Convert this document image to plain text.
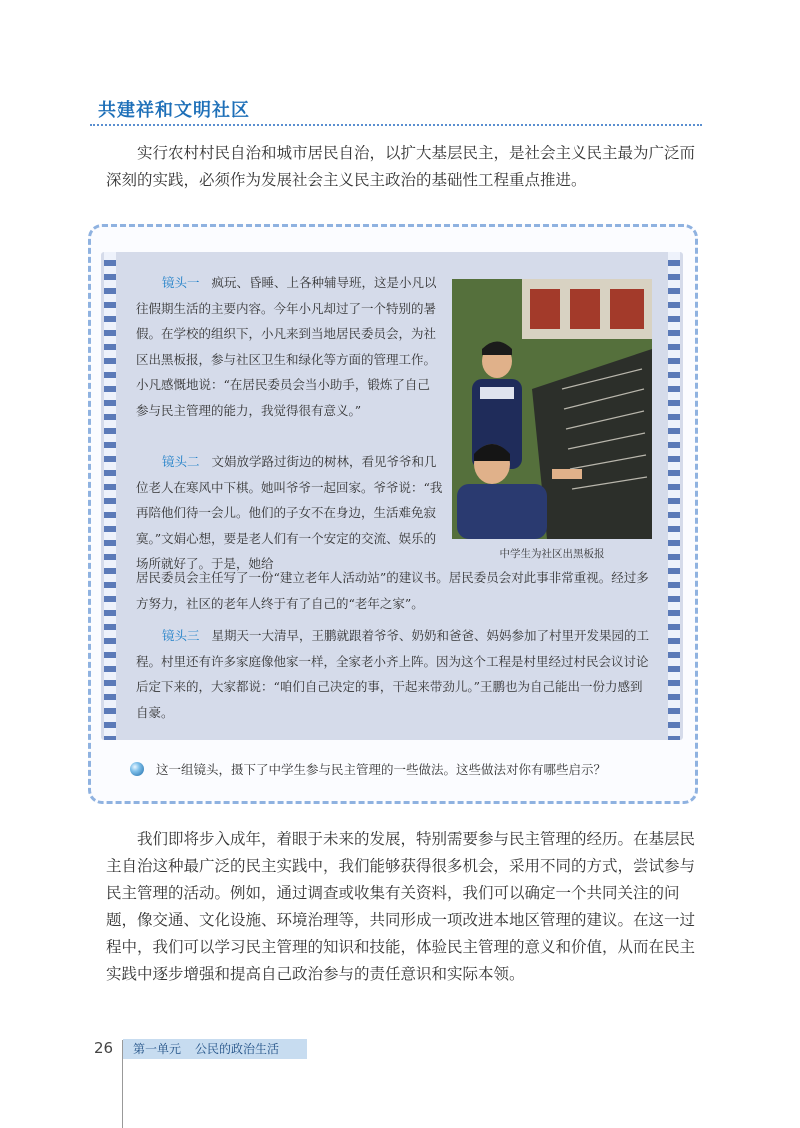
共建祥和文明社区

实行农村村民自治和城市居民自治，以扩大基层民主，是社会主义民主最为广泛而深刻的实践，必须作为发展社会主义民主政治的基础性工程重点推进。

镜头一 疯玩、昏睡、上各种辅导班，这是小凡以往假期生活的主要内容。今年小凡却过了一个特别的暑假。在学校的组织下，小凡来到当地居民委员会，为社区出黑板报，参与社区卫生和绿化等方面的管理工作。小凡感慨地说：“在居民委员会当小助手，锻炼了自己参与民主管理的能力，我觉得很有意义。”
镜头二 文娟放学路过街边的树林，看见爷爷和几位老人在寒风中下棋。她叫爷爷一起回家。爷爷说：“我再陪他们待一会儿。他们的子女不在身边，生活难免寂寞。”文娟心想，要是老人们有一个安定的交流、娱乐的场所就好了。于是，她给
居民委员会主任写了一份“建立老年人活动站”的建议书。居民委员会对此事非常重视。经过多方努力，社区的老年人终于有了自己的“老年之家”。
镜头三 星期天一大清早，王鹏就跟着爷爷、奶奶和爸爸、妈妈参加了村里开发果园的工程。村里还有许多家庭像他家一样，全家老小齐上阵。因为这个工程是村里经过村民会议讨论后定下来的，大家都说：“咱们自己决定的事，干起来带劲儿。”王鹏也为自己能出一份力感到自豪。
中学生为社区出黑板报
这一组镜头，摄下了中学生参与民主管理的一些做法。这些做法对你有哪些启示？

我们即将步入成年，着眼于未来的发展，特别需要参与民主管理的经历。在基层民主自治这种最广泛的民主实践中，我们能够获得很多机会，采用不同的方式，尝试参与民主管理的活动。例如，通过调查或收集有关资料，我们可以确定一个共同关注的问题，像交通、文化设施、环境治理等，共同形成一项改进本地区管理的建议。在这一过程中，我们可以学习民主管理的知识和技能，体验民主管理的意义和价值，从而在民主实践中逐步增强和提高自己政治参与的责任意识和实际本领。

26	第一单元 公民的政治生活
